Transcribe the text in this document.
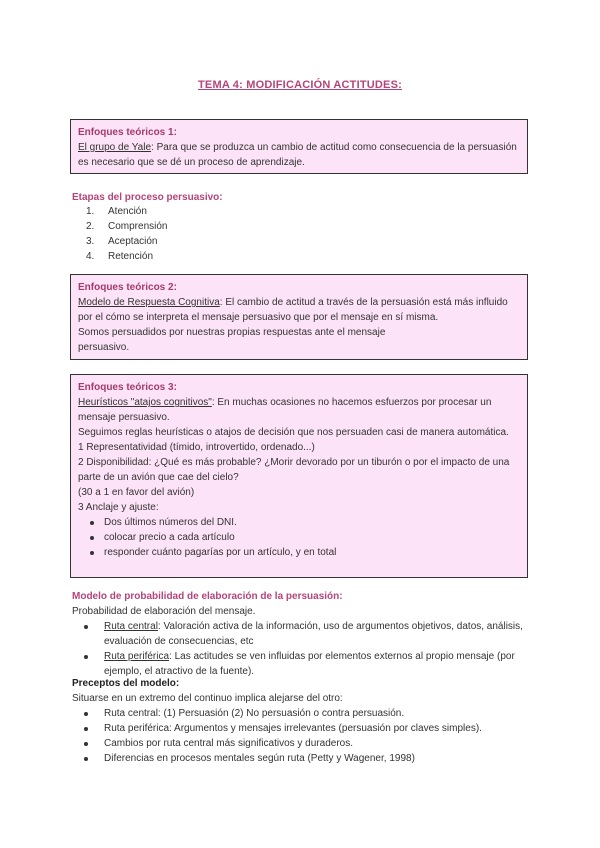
TEMA 4: MODIFICACIÓN ACTITUDES:
Enfoques teóricos 1:
El grupo de Yale: Para que se produzca un cambio de actitud como consecuencia de la persuasión es necesario que se dé un proceso de aprendizaje.
Etapas del proceso persuasivo:
1.	Atención
2.	Comprensión
3.	Aceptación
4.	Retención
Enfoques teóricos 2:
Modelo de Respuesta Cognitiva: El cambio de actitud a través de la persuasión está más influido por el cómo se interpreta el mensaje persuasivo que por el mensaje en sí misma.
Somos persuadidos por nuestras propias respuestas ante el mensaje
persuasivo.
Enfoques teóricos 3:
Heurísticos "atajos cognitivos": En muchas ocasiones no hacemos esfuerzos por procesar un mensaje persuasivo.
Seguimos reglas heurísticas o atajos de decisión que nos persuaden casi de manera automática.
1 Representatividad (tímido, introvertido, ordenado...)
2 Disponibilidad: ¿Qué es más probable? ¿Morir devorado por un tiburón o por el impacto de una parte de un avión que cae del cielo?
(30 a 1 en favor del avión)
3 Anclaje y ajuste:
Dos últimos números del DNI.
colocar precio a cada artículo
responder cuánto pagarías por un artículo, y en total
Modelo de probabilidad de elaboración de la persuasión:
Probabilidad de elaboración del mensaje.
Ruta central: Valoración activa de la información, uso de argumentos objetivos, datos, análisis, evaluación de consecuencias, etc
Ruta periférica: Las actitudes se ven influidas por elementos externos al propio mensaje (por ejemplo, el atractivo de la fuente).
Preceptos del modelo:
Situarse en un extremo del continuo implica alejarse del otro:
Ruta central: (1) Persuasión (2) No persuasión o contra persuasión.
Ruta periférica: Argumentos y mensajes irrelevantes (persuasión por claves simples).
Cambios por ruta central más significativos y duraderos.
Diferencias en procesos mentales según ruta (Petty y Wagener, 1998)
